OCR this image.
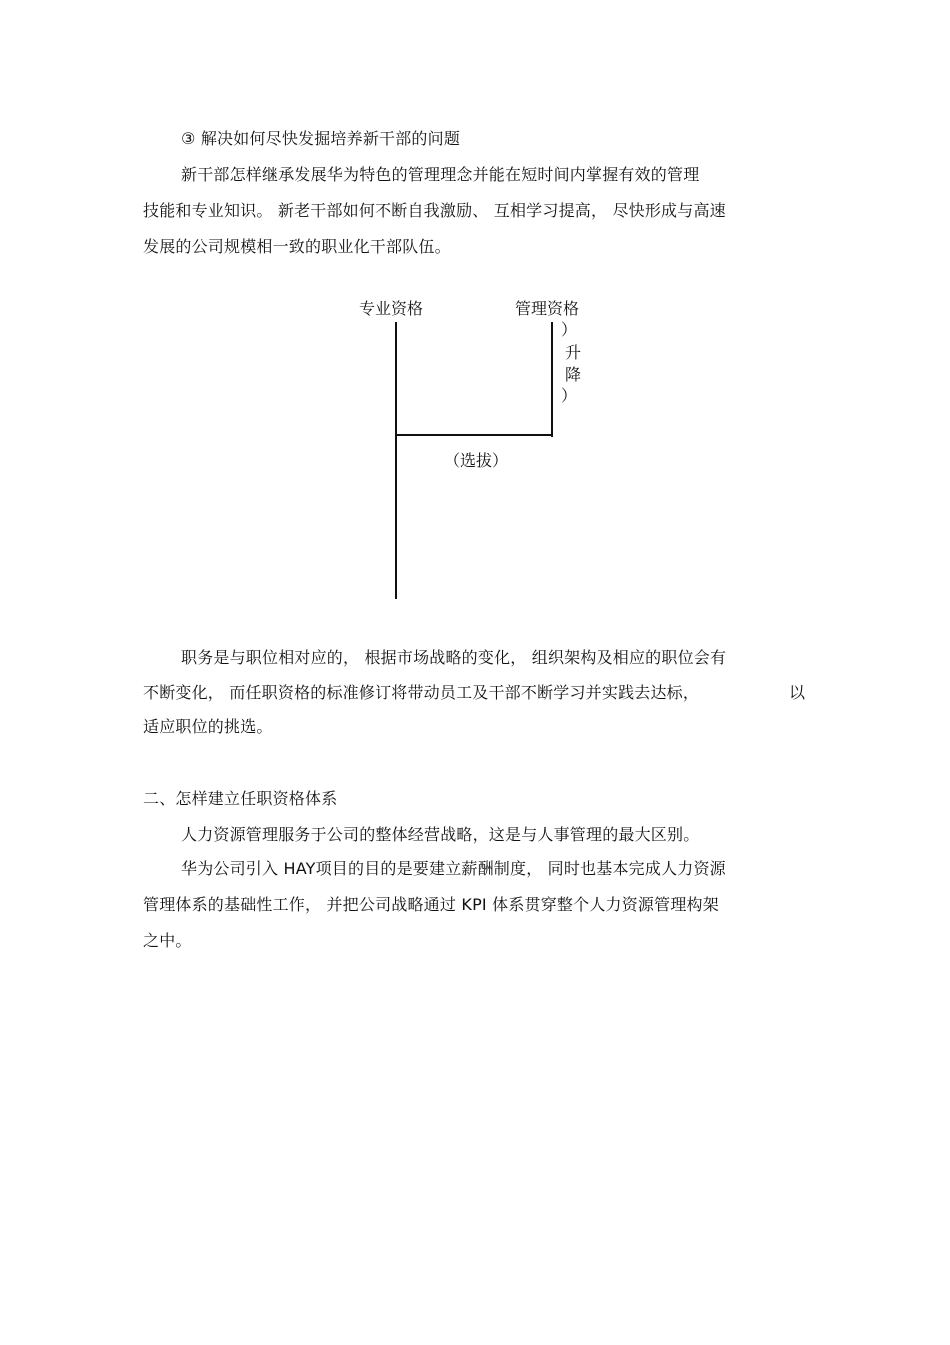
③ 解决如何尽快发掘培养新干部的问题
新干部怎样继承发展华为特色的管理理念并能在短时间内掌握有效的管理
技能和专业知识。 新老干部如何不断自我激励、 互相学习提高， 尽快形成与高速
发展的公司规模相一致的职业化干部队伍。
专业资格	管理资格
）
升
降
）
（选拔）
职务是与职位相对应的， 根据市场战略的变化， 组织架构及相应的职位会有
不断变化， 而任职资格的标准修订将带动员工及干部不断学习并实践去达标，	以
适应职位的挑选。
二、怎样建立任职资格体系
人力资源管理服务于公司的整体经营战略，这是与人事管理的最大区别。
华为公司引入 HAY项目的目的是要建立薪酬制度， 同时也基本完成人力资源
管理体系的基础性工作， 并把公司战略通过 KPI 体系贯穿整个人力资源管理构架
之中。
